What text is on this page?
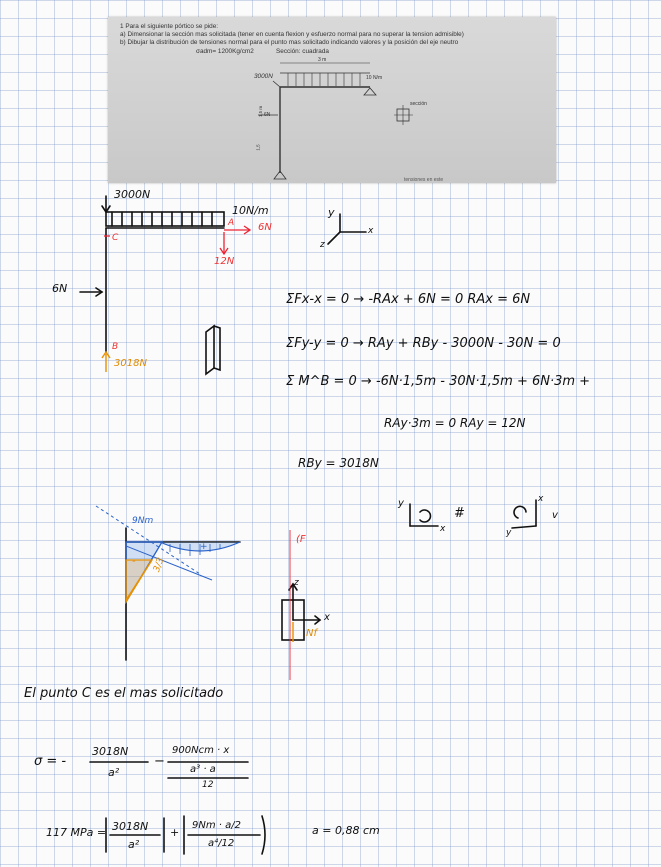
1 Para el siguiente pórtico se pide:
a) Dimensionar la sección mas solicitada (tener en cuenta flexion y esfuerzo normal para no superar la tension admisible)
b) Dibujar la distribución de tensiones normal para el punto mas solicitado indicando valores y la posición del eje neutro
σadm= 1200Kg/cm2	Sección: cuadrada
3 m
3000N	10 N/m
6N
1,5 m
1,5
sección
tensiones en este
3000N
10N/m
A
C
B
6N
12N
6N
3018N
y
x
z
ΣFx-x = 0 → -RAx + 6N = 0 RAx = 6N
ΣFy-y = 0 → RAy + RBy - 3000N - 30N = 0
Σ M^B = 0 → -6N·1,5m - 30N·1,5m + 6N·3m +
RAy·3m = 0 RAy = 12N
RBy = 3018N
9Nm
3/3
+
-
(F
z
x
Nf
y
x
#
x
y
v
El punto C es el mas solicitado
σ = -
3018N
a²
−
900Ncm · x
a³ · a
12
117 MPa = 3018N
a²
+
9Nm · a/2
a⁴/12
a = 0,88 cm
